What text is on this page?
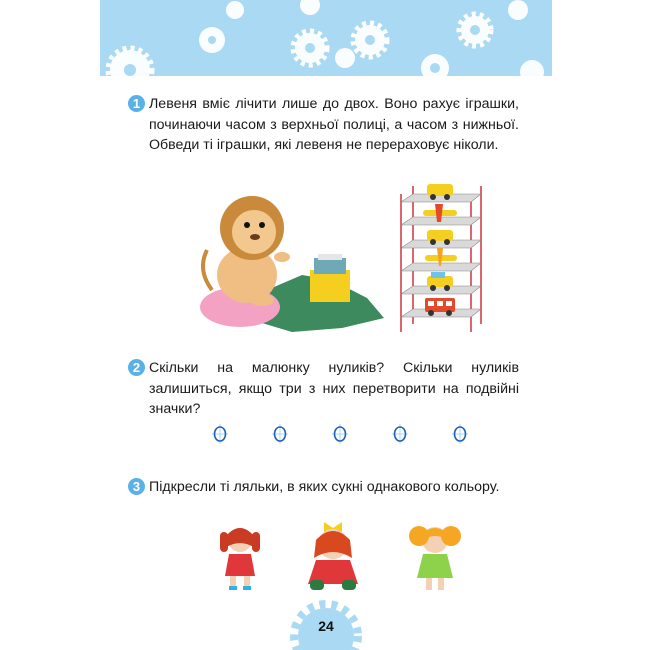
1 Левеня вміє лічити лише до двох. Воно рахує іграшки, починаючи часом з верхньої полиці, а часом з нижньої. Обведи ті іграшки, які левеня не перераховує ніколи.
2 Скільки на малюнку нуликів? Скільки нуликів залишиться, якщо три з них перетворити на подвійні значки?
3 Підкресли ті ляльки, в яких сукні однакового кольору.
24
